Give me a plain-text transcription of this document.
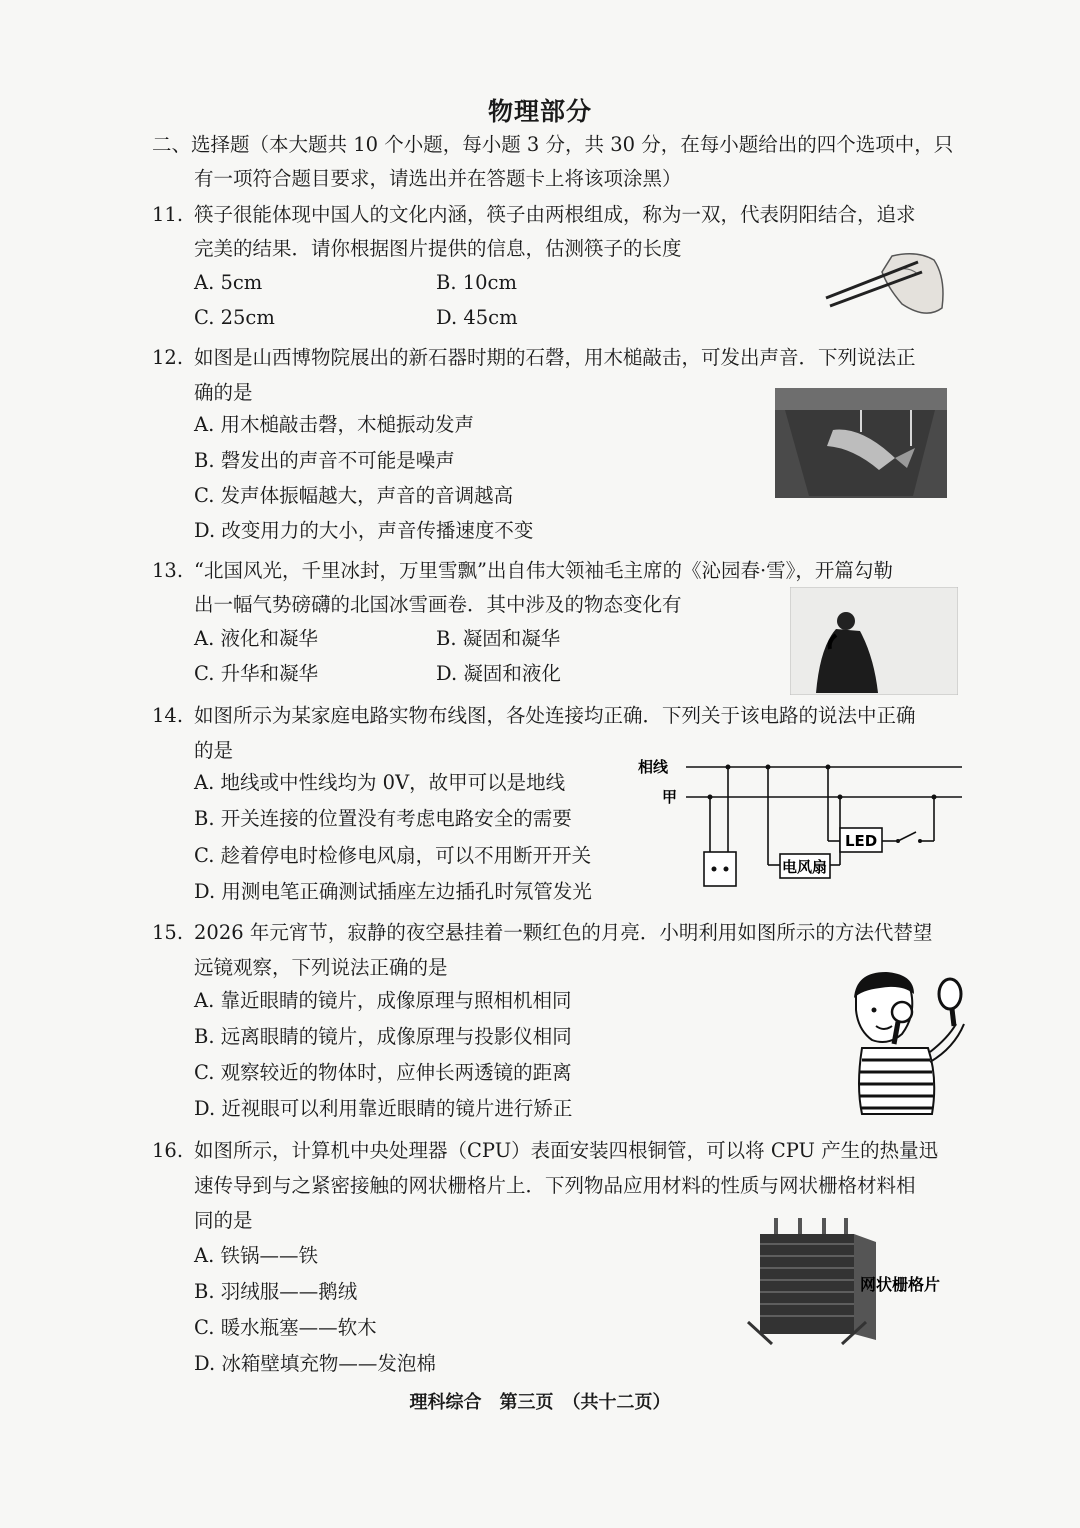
物理部分
二、选择题（本大题共 10 个小题，每小题 3 分，共 30 分，在每小题给出的四个选项中，只
有一项符合题目要求，请选出并在答题卡上将该项涂黑）
11. 筷子很能体现中国人的文化内涵，筷子由两根组成，称为一双，代表阴阳结合，追求
完美的结果．请你根据图片提供的信息，估测筷子的长度
A. 5cm	B. 10cm
C. 25cm	D. 45cm
12. 如图是山西博物院展出的新石器时期的石磬，用木槌敲击，可发出声音．下列说法正
确的是
A. 用木槌敲击磬，木槌振动发声
B. 磬发出的声音不可能是噪声
C. 发声体振幅越大，声音的音调越高
D. 改变用力的大小，声音传播速度不变
13. “北国风光，千里冰封，万里雪飘”出自伟大领袖毛主席的《沁园春·雪》，开篇勾勒
出一幅气势磅礴的北国冰雪画卷．其中涉及的物态变化有
A. 液化和凝华	B. 凝固和凝华
C. 升华和凝华	D. 凝固和液化
14. 如图所示为某家庭电路实物布线图，各处连接均正确．下列关于该电路的说法中正确
的是
A. 地线或中性线均为 0V，故甲可以是地线
B. 开关连接的位置没有考虑电路安全的需要
C. 趁着停电时检修电风扇，可以不用断开开关
D. 用测电笔正确测试插座左边插孔时氖管发光
相线
甲
电风扇
LED
15. 2026 年元宵节，寂静的夜空悬挂着一颗红色的月亮．小明利用如图所示的方法代替望
远镜观察，下列说法正确的是
A. 靠近眼睛的镜片，成像原理与照相机相同
B. 远离眼睛的镜片，成像原理与投影仪相同
C. 观察较近的物体时，应伸长两透镜的距离
D. 近视眼可以利用靠近眼睛的镜片进行矫正
16. 如图所示，计算机中央处理器（CPU）表面安装四根铜管，可以将 CPU 产生的热量迅
速传导到与之紧密接触的网状栅格片上．下列物品应用材料的性质与网状栅格材料相
同的是
A. 铁锅——铁
B. 羽绒服——鹅绒
C. 暖水瓶塞——软木
D. 冰箱壁填充物——发泡棉
网状栅格片
理科综合　第三页　（共十二页）
